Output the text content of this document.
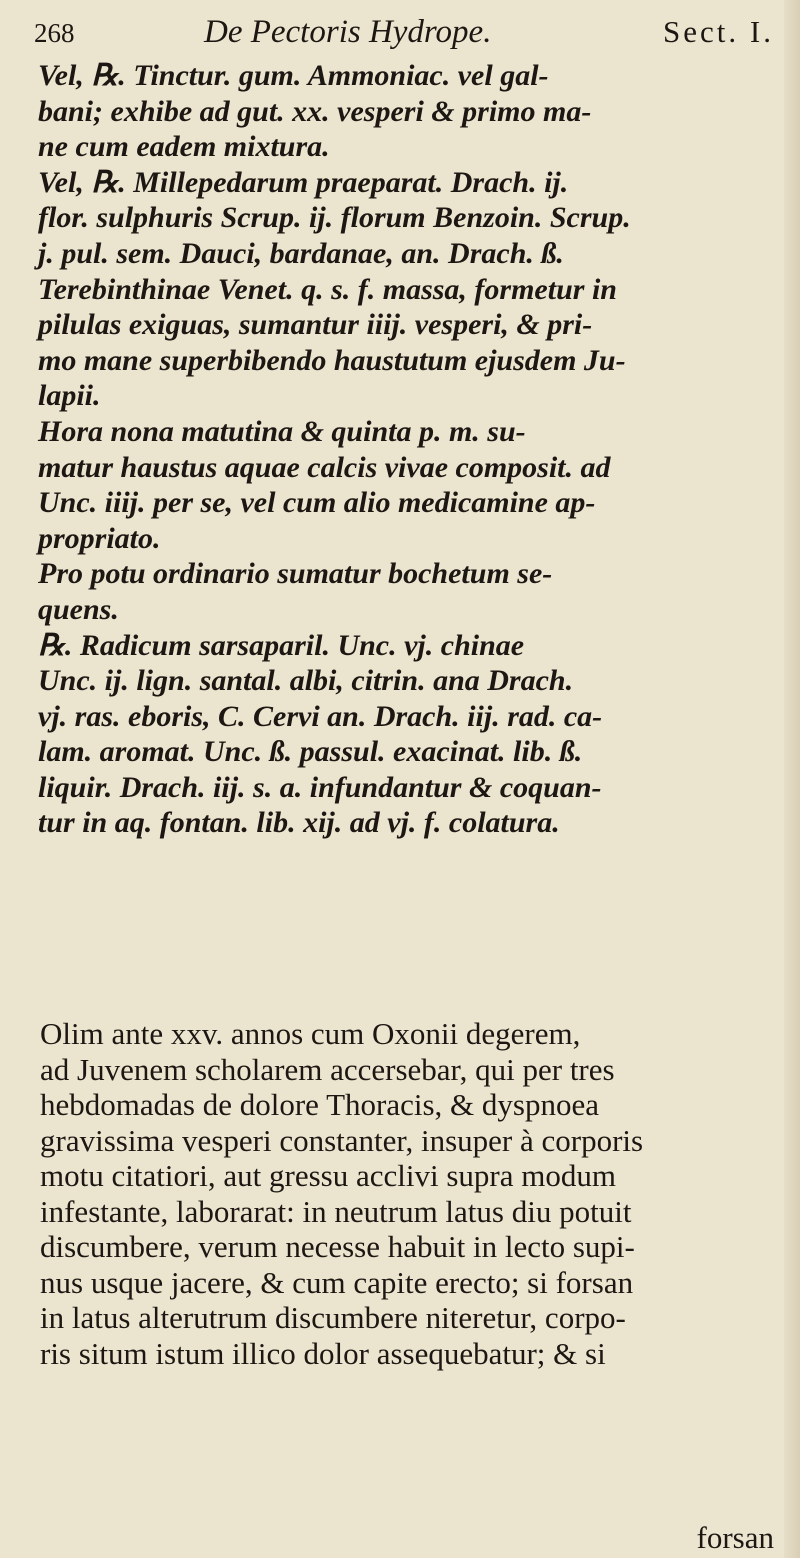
268	De Pectoris Hydrope.	Sect. I.
Vel, ℞. Tinctur. gum. Ammoniac. vel gal-
bani; exhibe ad gut. xx. vesperi & primo ma-
ne cum eadem mixtura.
Vel, ℞. Millepedarum praeparat. Drach. ij.
flor. sulphuris Scrup. ij. florum Benzoin. Scrup.
j. pul. sem. Dauci, bardanae, an. Drach. ß.
Terebinthinae Venet. q. s. f. massa, formetur in
pilulas exiguas, sumantur iiij. vesperi, & pri-
mo mane superbibendo haustutum ejusdem Ju-
lapii.
Hora nona matutina & quinta p. m. su-
matur haustus aquae calcis vivae composit. ad
Unc. iiij. per se, vel cum alio medicamine ap-
propriato.
Pro potu ordinario sumatur bochetum se-
quens.
℞. Radicum sarsaparil. Unc. vj. chinae
Unc. ij. lign. santal. albi, citrin. ana Drach.
vj. ras. eboris, C. Cervi an. Drach. iij. rad. ca-
lam. aromat. Unc. ß. passul. exacinat. lib. ß.
liquir. Drach. iij. s. a. infundantur & coquan-
tur in aq. fontan. lib. xij. ad vj. f. colatura.
Olim ante xxv. annos cum Oxonii degerem,
ad Juvenem scholarem accersebar, qui per tres
hebdomadas de dolore Thoracis, & dyspnoea
gravissima vesperi constanter, insuper à corporis
motu citatiori, aut gressu acclivi supra modum
infestante, laborarat: in neutrum latus diu potuit
discumbere, verum necesse habuit in lecto supi-
nus usque jacere, & cum capite erecto; si forsan
in latus alterutrum discumbere niteretur, corpo-
ris situm istum illico dolor assequebatur; & si
forsan
